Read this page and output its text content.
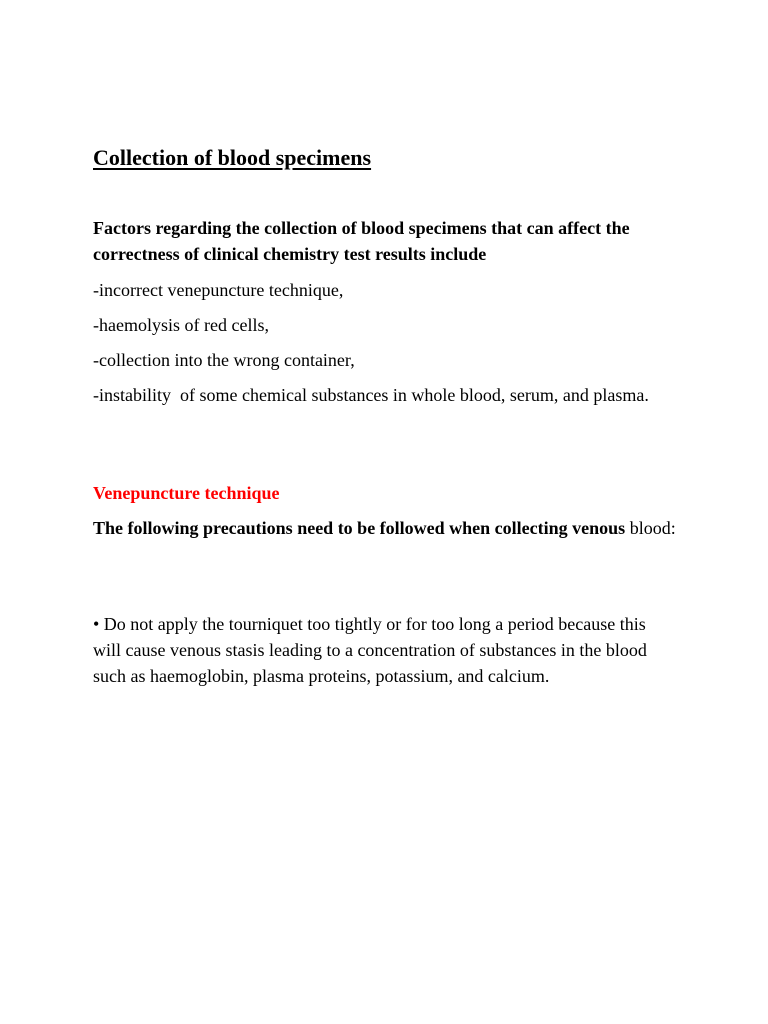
Collection of blood specimens

Factors regarding the collection of blood specimens that can affect the correctness of clinical chemistry test results include

-incorrect venepuncture technique,

-haemolysis of red cells,

-collection into the wrong container,

-instability  of some chemical substances in whole blood, serum, and plasma.

Venepuncture technique

The following precautions need to be followed when collecting venous blood:

• Do not apply the tourniquet too tightly or for too long a period because this will cause venous stasis leading to a concentration of substances in the blood such as haemoglobin, plasma proteins, potassium, and calcium.
